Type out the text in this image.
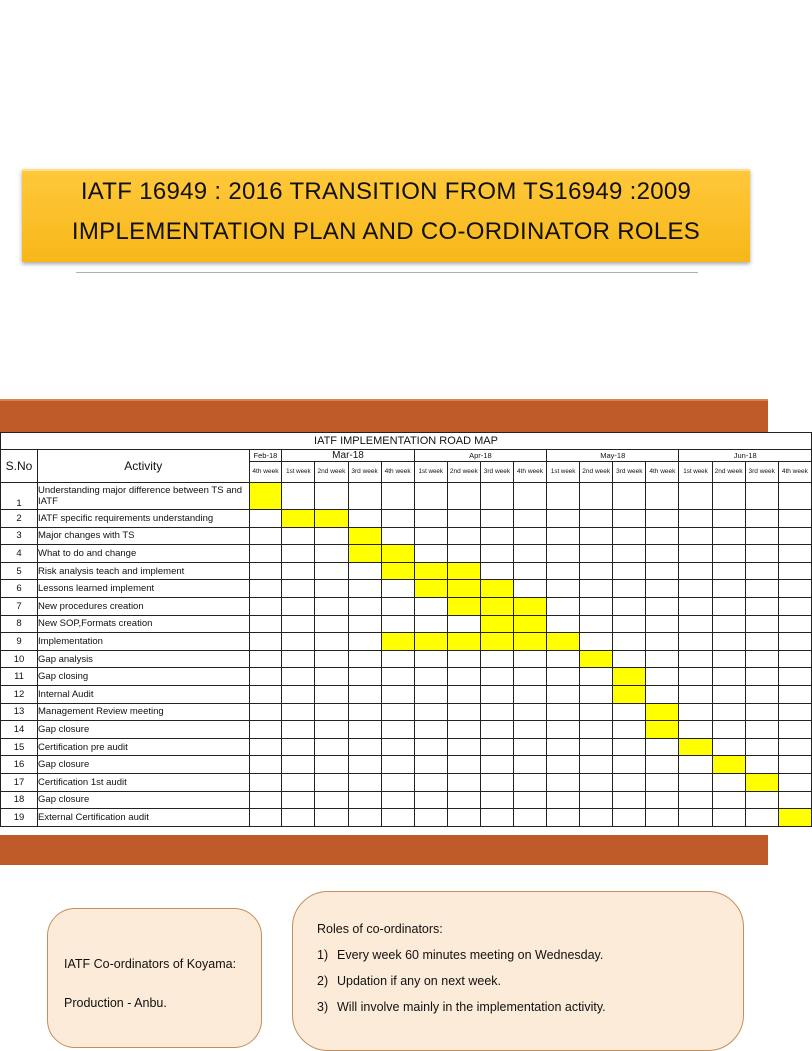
IATF 16949 : 2016 TRANSITION FROM TS16949 :2009
IMPLEMENTATION PLAN AND CO-ORDINATOR ROLES
IATF IMPLEMENTATION ROAD MAP																		
S.No	Activity	Feb-18	Mar-18				Apr-18				May-18				Jun-18			
		4th week	1st week	2nd week	3rd week	4th week	1st week	2nd week	3rd week	4th week	1st week	2nd week	3rd week	4th week	1st week	2nd week	3rd week	4th week
1	Understanding major difference between TS and IATF																	
2	IATF specific requirements understanding																	
3	Major changes with TS																	
4	What to do and change																	
5	Risk analysis teach and implement																	
6	Lessons learned implement																	
7	New procedures creation																	
8	New SOP,Formats creation																	
9	Implementation																	
10	Gap analysis																	
11	Gap closing																	
12	Internal Audit																	
13	Management Review meeting																	
14	Gap closure																	
15	Certification pre audit																	
16	Gap closure																	
17	Certification 1st audit																	
18	Gap closure																	
19	External Certification audit																	
IATF Co-ordinators of Koyama:
Production - Anbu.
Roles of co-ordinators:
1) Every week 60 minutes meeting on Wednesday.
2) Updation if any on next week.
3) Will involve mainly in the implementation activity.
